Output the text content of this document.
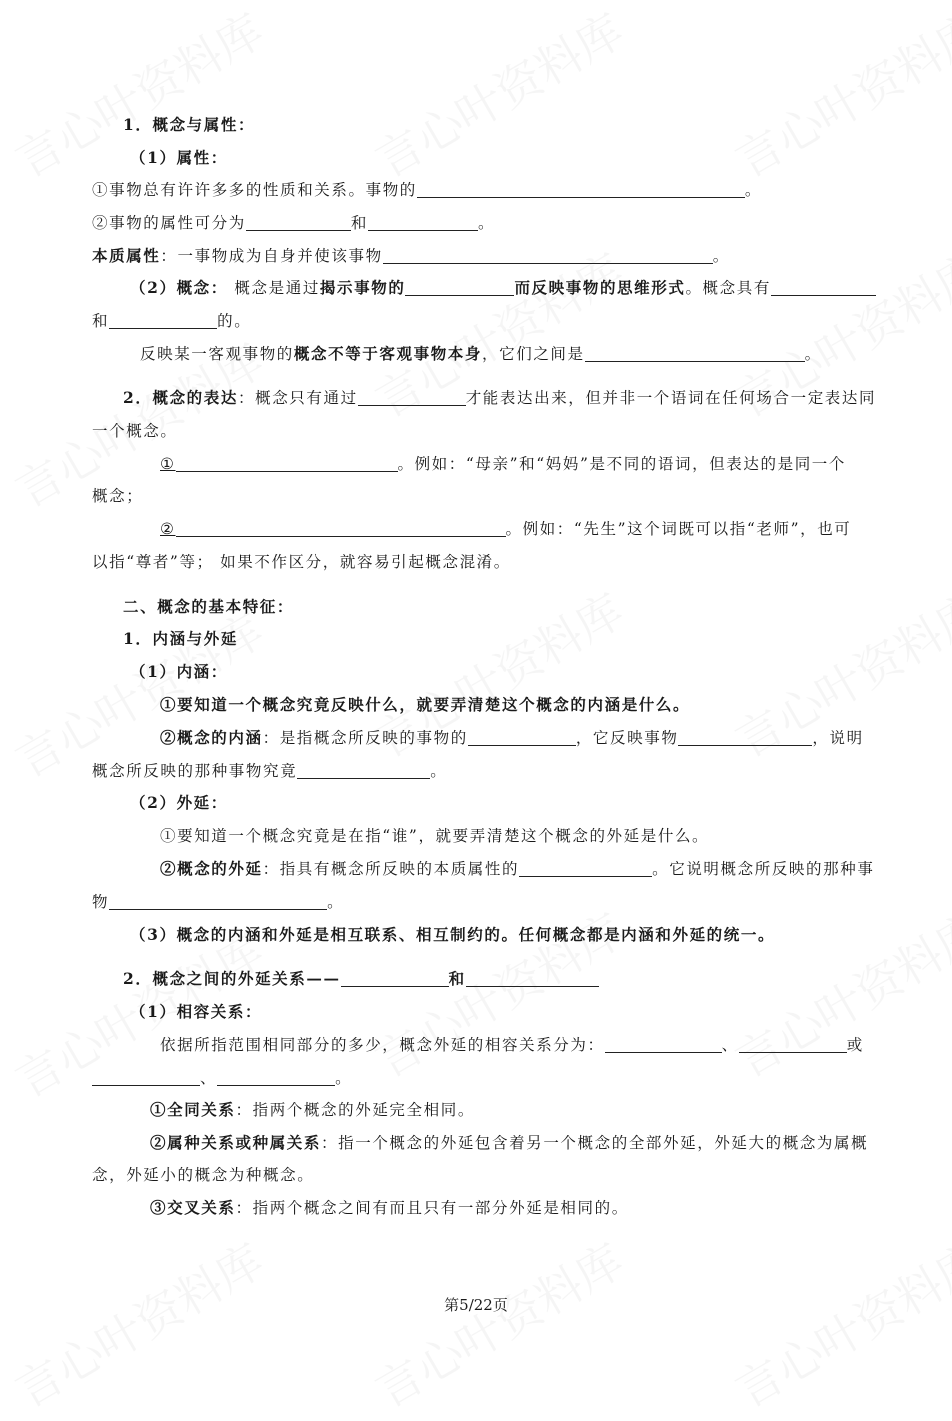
1．概念与属性：
（1）属性：
①事物总有许许多多的性质和关系。事物的	。
②事物的属性可分为	和	。
本质属性：一事物成为自身并使该事物	。
（2）概念： 概念是通过揭示事物的	而反映事物的思维形式。概念具有
和	的。
反映某一客观事物的概念不等于客观事物本身，它们之间是	。
2．概念的表达：概念只有通过	才能表达出来，但并非一个语词在任何场合一定表达同
一个概念。
①	。例如：“母亲”和“妈妈”是不同的语词，但表达的是同一个
概念；
②	。例如：“先生”这个词既可以指“老师”，也可
以指“尊者”等； 如果不作区分，就容易引起概念混淆。
二、概念的基本特征：
1．内涵与外延
（1）内涵：
①要知道一个概念究竟反映什么，就要弄清楚这个概念的内涵是什么。
②概念的内涵：是指概念所反映的事物的	，它反映事物	，说明
概念所反映的那种事物究竟	。
（2）外延：
①要知道一个概念究竟是在指“谁”，就要弄清楚这个概念的外延是什么。
②概念的外延：指具有概念所反映的本质属性的	。它说明概念所反映的那种事
物	。
（3）概念的内涵和外延是相互联系、相互制约的。任何概念都是内涵和外延的统一。
2．概念之间的外延关系——	和
（1）相容关系：
依据所指范围相同部分的多少，概念外延的相容关系分为：	、	或
、	。
①全同关系：指两个概念的外延完全相同。
②属种关系或种属关系：指一个概念的外延包含着另一个概念的全部外延，外延大的概念为属概
念，外延小的概念为种概念。
③交叉关系：指两个概念之间有而且只有一部分外延是相同的。
第5/22页
